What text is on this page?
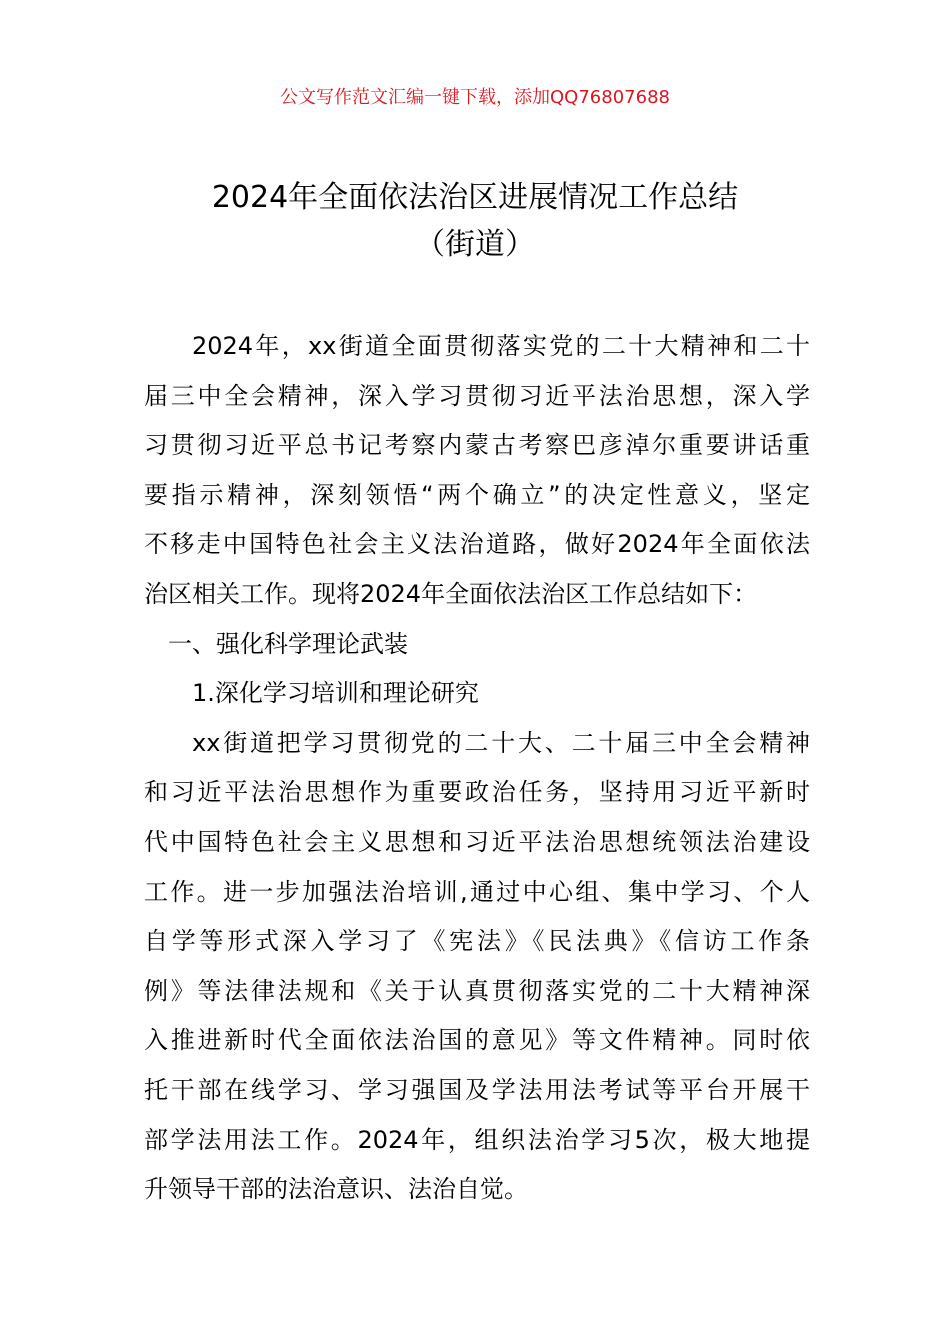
公文写作范文汇编一键下载，添加QQ76807688
2024年全面依法治区进展情况工作总结
（街道）
2024年，xx街道全面贯彻落实党的二十大精神和二十
届三中全会精神，深入学习贯彻习近平法治思想，深入学
习贯彻习近平总书记考察内蒙古考察巴彦淖尔重要讲话重
要指示精神，深刻领悟“两个确立”的决定性意义，坚定
不移走中国特色社会主义法治道路，做好2024年全面依法
治区相关工作。现将2024年全面依法治区工作总结如下：
一、强化科学理论武装
1.深化学习培训和理论研究
xx街道把学习贯彻党的二十大、二十届三中全会精神
和习近平法治思想作为重要政治任务，坚持用习近平新时
代中国特色社会主义思想和习近平法治思想统领法治建设
工作。进一步加强法治培训,通过中心组、集中学习、个人
自学等形式深入学习了《宪法》《民法典》《信访工作条
例》等法律法规和《关于认真贯彻落实党的二十大精神深
入推进新时代全面依法治国的意见》等文件精神。同时依
托干部在线学习、学习强国及学法用法考试等平台开展干
部学法用法工作。2024年，组织法治学习5次，极大地提
升领导干部的法治意识、法治自觉。
